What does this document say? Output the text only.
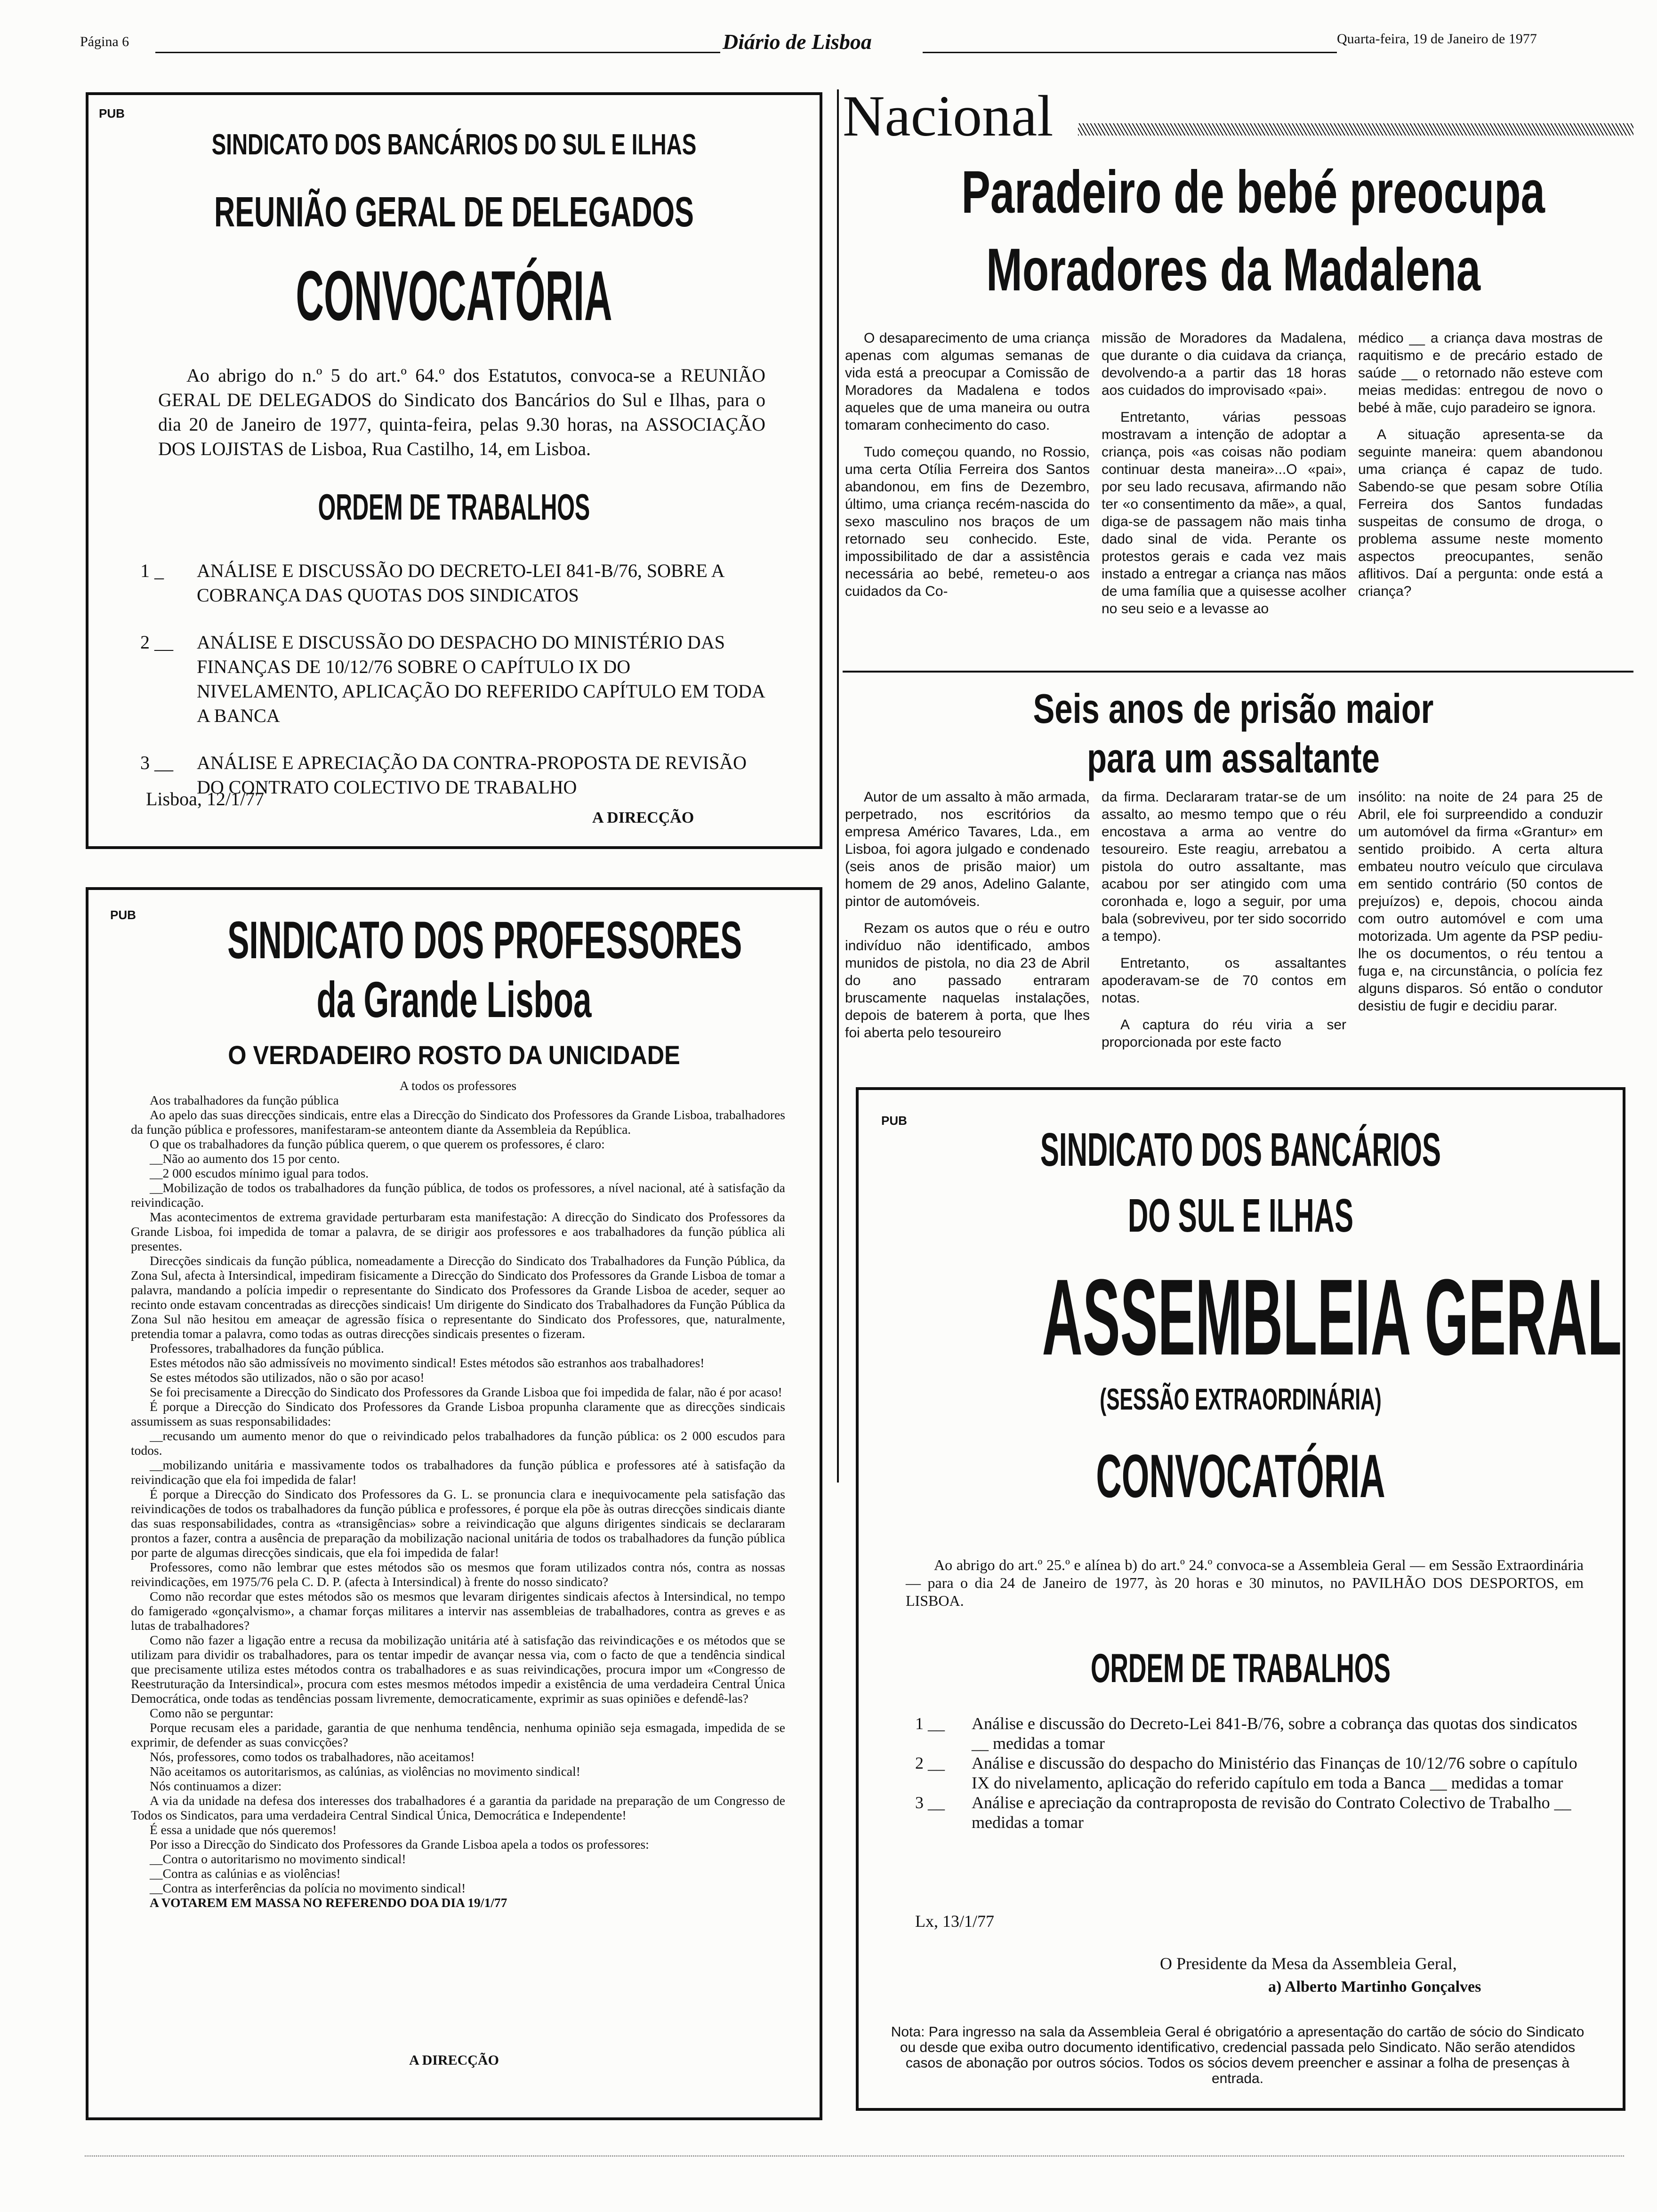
Página 6	Diário de Lisboa	Quarta-feira, 19 de Janeiro de 1977
PUB
SINDICATO DOS BANCÁRIOS DO SUL E ILHAS
REUNIÃO GERAL DE DELEGADOS
CONVOCATÓRIA
Ao abrigo do n.º 5 do art.º 64.º dos Estatutos, convoca-se a REUNIÃO GERAL DE DELEGADOS do Sindicato dos Bancários do Sul e Ilhas, para o dia 20 de Janeiro de 1977, quinta-feira, pelas 9.30 horas, na ASSOCIAÇÃO DOS LOJISTAS de Lisboa, Rua Castilho, 14, em Lisboa.
ORDEM DE TRABALHOS
1 _	ANÁLISE E DISCUSSÃO DO DECRETO-LEI 841-B/76, SOBRE A COBRANÇA DAS QUOTAS DOS SINDICATOS
2 __	ANÁLISE E DISCUSSÃO DO DESPACHO DO MINISTÉRIO DAS FINANÇAS DE 10/12/76 SOBRE O CAPÍTULO IX DO NIVELAMENTO, APLICAÇÃO DO REFERIDO CAPÍTULO EM TODA A BANCA
3 __	ANÁLISE E APRECIAÇÃO DA CONTRA-PROPOSTA DE REVISÃO DO CONTRATO COLECTIVO DE TRABALHO
Lisboa, 12/1/77
A DIRECÇÃO
PUB SINDICATO DOS PROFESSORES
da Grande Lisboa
O VERDADEIRO ROSTO DA UNICIDADE

A todos os professores

Aos trabalhadores da função pública

Ao apelo das suas direcções sindicais, entre elas a Direcção do Sindicato dos Professores da Grande Lisboa, trabalhadores da função pública e professores, manifestaram-se anteontem diante da Assembleia da República.

O que os trabalhadores da função pública querem, o que querem os professores, é claro:

__Não ao aumento dos 15 por cento.

__2 000 escudos mínimo igual para todos.

__Mobilização de todos os trabalhadores da função pública, de todos os professores, a nível nacional, até à satisfação da reivindicação.

Mas acontecimentos de extrema gravidade perturbaram esta manifestação: A direcção do Sindicato dos Professores da Grande Lisboa, foi impedida de tomar a palavra, de se dirigir aos professores e aos trabalhadores da função pública ali presentes.

Direcções sindicais da função pública, nomeadamente a Direcção do Sindicato dos Trabalhadores da Função Pública, da Zona Sul, afecta à Intersindical, impediram fisicamente a Direcção do Sindicato dos Professores da Grande Lisboa de tomar a palavra, mandando a polícia impedir o representante do Sindicato dos Professores da Grande Lisboa de aceder, sequer ao recinto onde estavam concentradas as direcções sindicais! Um dirigente do Sindicato dos Trabalhadores da Função Pública da Zona Sul não hesitou em ameaçar de agressão física o representante do Sindicato dos Professores, que, naturalmente, pretendia tomar a palavra, como todas as outras direcções sindicais presentes o fizeram.

Professores, trabalhadores da função pública.

Estes métodos não são admissíveis no movimento sindical! Estes métodos são estranhos aos trabalhadores!

Se estes métodos são utilizados, não o são por acaso!

Se foi precisamente a Direcção do Sindicato dos Professores da Grande Lisboa que foi impedida de falar, não é por acaso!

É porque a Direcção do Sindicato dos Professores da Grande Lisboa propunha claramente que as direcções sindicais assumissem as suas responsabilidades:

__recusando um aumento menor do que o reivindicado pelos trabalhadores da função pública: os 2 000 escudos para todos.

__mobilizando unitária e massivamente todos os trabalhadores da função pública e professores até à satisfação da reivindicação que ela foi impedida de falar!

É porque a Direcção do Sindicato dos Professores da G. L. se pronuncia clara e inequivocamente pela satisfação das reivindicações de todos os trabalhadores da função pública e professores, é porque ela põe às outras direcções sindicais diante das suas responsabilidades, contra as «transigências» sobre a reivindicação que alguns dirigentes sindicais se declararam prontos a fazer, contra a ausência de preparação da mobilização nacional unitária de todos os trabalhadores da função pública por parte de algumas direcções sindicais, que ela foi impedida de falar!

Professores, como não lembrar que estes métodos são os mesmos que foram utilizados contra nós, contra as nossas reivindicações, em 1975/76 pela C. D. P. (afecta à Intersindical) à frente do nosso sindicato?

Como não recordar que estes métodos são os mesmos que levaram dirigentes sindicais afectos à Intersindical, no tempo do famigerado «gonçalvismo», a chamar forças militares a intervir nas assembleias de trabalhadores, contra as greves e as lutas de trabalhadores?

Como não fazer a ligação entre a recusa da mobilização unitária até à satisfação das reivindicações e os métodos que se utilizam para dividir os trabalhadores, para os tentar impedir de avançar nessa via, com o facto de que a tendência sindical que precisamente utiliza estes métodos contra os trabalhadores e as suas reivindicações, procura impor um «Congresso de Reestruturação da Intersindical», procura com estes mesmos métodos impedir a existência de uma verdadeira Central Única Democrática, onde todas as tendências possam livremente, democraticamente, exprimir as suas opiniões e defendê-las?

Como não se perguntar:

Porque recusam eles a paridade, garantia de que nenhuma tendência, nenhuma opinião seja esmagada, impedida de se exprimir, de defender as suas convicções?

Nós, professores, como todos os trabalhadores, não aceitamos!

Não aceitamos os autoritarismos, as calúnias, as violências no movimento sindical!

Nós continuamos a dizer:

A via da unidade na defesa dos interesses dos trabalhadores é a garantia da paridade na preparação de um Congresso de Todos os Sindicatos, para uma verdadeira Central Sindical Única, Democrática e Independente!

É essa a unidade que nós queremos!

Por isso a Direcção do Sindicato dos Professores da Grande Lisboa apela a todos os professores:

__Contra o autoritarismo no movimento sindical!

__Contra as calúnias e as violências!

__Contra as interferências da polícia no movimento sindical!

A VOTAREM EM MASSA NO REFERENDO DOA DIA 19/1/77

A DIRECÇÃO
Nacional
Paradeiro de bebé preocupa
Moradores da Madalena

O desaparecimento de uma criança apenas com algumas semanas de vida está a preocupar a Comissão de Moradores da Madalena e todos aqueles que de uma maneira ou outra tomaram conhecimento do caso.

Tudo começou quando, no Rossio, uma certa Otília Ferreira dos Santos abandonou, em fins de Dezembro, último, uma criança recém-nascida do sexo masculino nos braços de um retornado seu conhecido. Este, impossibilitado de dar a assistência necessária ao bebé, remeteu-o aos cuidados da Co-

missão de Moradores da Madalena, que durante o dia cuidava da criança, devolvendo-a a partir das 18 horas aos cuidados do improvisado «pai».

Entretanto, várias pessoas mostravam a intenção de adoptar a criança, pois «as coisas não podiam continuar desta maneira»...O «pai», por seu lado recusava, afirmando não ter «o consentimento da mãe», a qual, diga-se de passagem não mais tinha dado sinal de vida. Perante os protestos gerais e cada vez mais instado a entregar a criança nas mãos de uma família que a quisesse acolher no seu seio e a levasse ao

médico __ a criança dava mostras de raquitismo e de precário estado de saúde __ o retornado não esteve com meias medidas: entregou de novo o bebé à mãe, cujo paradeiro se ignora.

A situação apresenta-se da seguinte maneira: quem abandonou uma criança é capaz de tudo. Sabendo-se que pesam sobre Otília Ferreira dos Santos fundadas suspeitas de consumo de droga, o problema assume neste momento aspectos preocupantes, senão aflitivos. Daí a pergunta: onde está a criança?

Seis anos de prisão maior
para um assaltante

Autor de um assalto à mão armada, perpetrado, nos escritórios da empresa Américo Tavares, Lda., em Lisboa, foi agora julgado e condenado (seis anos de prisão maior) um homem de 29 anos, Adelino Galante, pintor de automóveis.

Rezam os autos que o réu e outro indivíduo não identificado, ambos munidos de pistola, no dia 23 de Abril do ano passado entraram bruscamente naquelas instalações, depois de baterem à porta, que lhes foi aberta pelo tesoureiro

da firma. Declararam tratar-se de um assalto, ao mesmo tempo que o réu encostava a arma ao ventre do tesoureiro. Este reagiu, arrebatou a pistola do outro assaltante, mas acabou por ser atingido com uma coronhada e, logo a seguir, por uma bala (sobreviveu, por ter sido socorrido a tempo).

Entretanto, os assaltantes apoderavam-se de 70 contos em notas.

A captura do réu viria a ser proporcionada por este facto

insólito: na noite de 24 para 25 de Abril, ele foi surpreendido a conduzir um automóvel da firma «Grantur» em sentido proibido. A certa altura embateu noutro veículo que circulava em sentido contrário (50 contos de prejuízos) e, depois, chocou ainda com outro automóvel e com uma motorizada. Um agente da PSP pediu-lhe os documentos, o réu tentou a fuga e, na circunstância, o polícia fez alguns disparos. Só então o condutor desistiu de fugir e decidiu parar.

PUB
SINDICATO DOS BANCÁRIOS
DO SUL E ILHAS
ASSEMBLEIA GERAL
(SESSÃO EXTRAORDINÁRIA)
CONVOCATÓRIA
Ao abrigo do art.º 25.º e alínea b) do art.º 24.º convoca-se a Assembleia Geral — em Sessão Extraordinária — para o dia 24 de Janeiro de 1977, às 20 horas e 30 minutos, no PAVILHÃO DOS DESPORTOS, em LISBOA.
ORDEM DE TRABALHOS
1 __	Análise e discussão do Decreto-Lei 841-B/76, sobre a cobrança das quotas dos sindicatos __ medidas a tomar
2 __	Análise e discussão do despacho do Ministério das Finanças de 10/12/76 sobre o capítulo IX do nivelamento, aplicação do referido capítulo em toda a Banca __ medidas a tomar
3 __	Análise e apreciação da contraproposta de revisão do Contrato Colectivo de Trabalho __ medidas a tomar
Lx, 13/1/77
O Presidente da Mesa da Assembleia Geral,
a) Alberto Martinho Gonçalves
Nota: Para ingresso na sala da Assembleia Geral é obrigatório a apresentação do cartão de sócio do Sindicato ou desde que exiba outro documento identificativo, credencial passada pelo Sindicato. Não serão atendidos casos de abonação por outros sócios. Todos os sócios devem preencher e assinar a folha de presenças à entrada.
